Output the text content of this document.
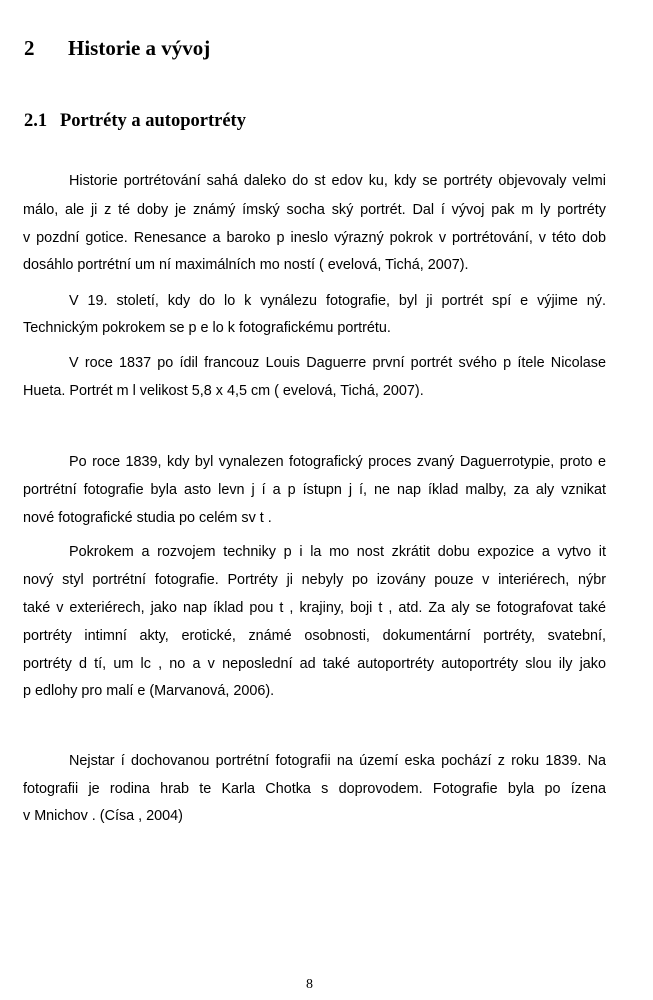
2 Historie a vývoj
2.1 Portréty a autoportréty
Historie portrétování sahá daleko do st edov ku, kdy se portréty objevovaly velmi
málo, ale ji z té doby je známý ímský socha ský portrét. Dal í vývoj pak m ly portréty
v pozdní gotice. Renesance a baroko p ineslo výrazný pokrok v portrétování, v této dob
dosáhlo portrétní um ní maximálních mo ností ( evelová, Tichá, 2007).
V 19. století, kdy do lo k vynálezu fotografie, byl ji portrét spí e výjime ný.
Technickým pokrokem se p e lo k fotografickému portrétu.
V roce 1837 po ídil francouz Louis Daguerre první portrét svého p ítele Nicolase
Hueta. Portrét m l velikost 5,8 x 4,5 cm ( evelová, Tichá, 2007).
Po roce 1839, kdy byl vynalezen fotografický proces zvaný Daguerrotypie, proto e
portrétní fotografie byla asto levn j í a p ístupn j í, ne nap íklad malby, za aly vznikat
nové fotografické studia po celém sv t .
Pokrokem a rozvojem techniky p i la mo nost zkrátit dobu expozice a vytvo it
nový styl portrétní fotografie. Portréty ji nebyly po izovány pouze v interiérech, nýbr
také v exteriérech, jako nap íklad pou t , krajiny, boji t , atd. Za aly se fotografovat také
portréty intimní akty, erotické, známé osobnosti, dokumentární portréty, svatební,
portréty d tí, um lc , no a v neposlední ad také autoportréty autoportréty slou ily jako
p edlohy pro malí e (Marvanová, 2006).
Nejstar í dochovanou portrétní fotografii na území eska pochází z roku 1839. Na
fotografii je rodina hrab te Karla Chotka s doprovodem. Fotografie byla po ízena
v Mnichov . (Císa , 2004)
8
